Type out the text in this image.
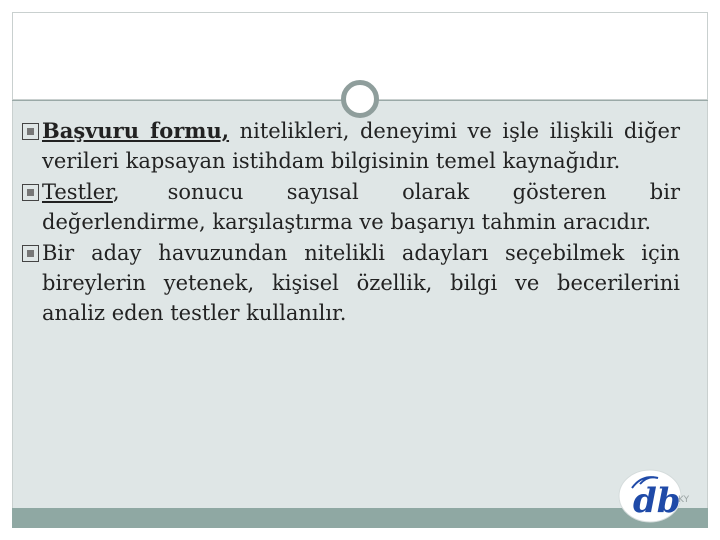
Başvuru formu, nitelikleri, deneyimi ve işle ilişkili diğer verileri kapsayan istihdam bilgisinin temel kaynağıdır.

Testler, sonucu sayısal olarak gösteren bir değerlendirme, karşılaştırma ve başarıyı tahmin aracıdır.

Bir aday havuzundan nitelikli adayları seçebilmek için bireylerin yetenek, kişisel özellik, bilgi ve becerilerini analiz eden testler kullanılır.

db
KY
